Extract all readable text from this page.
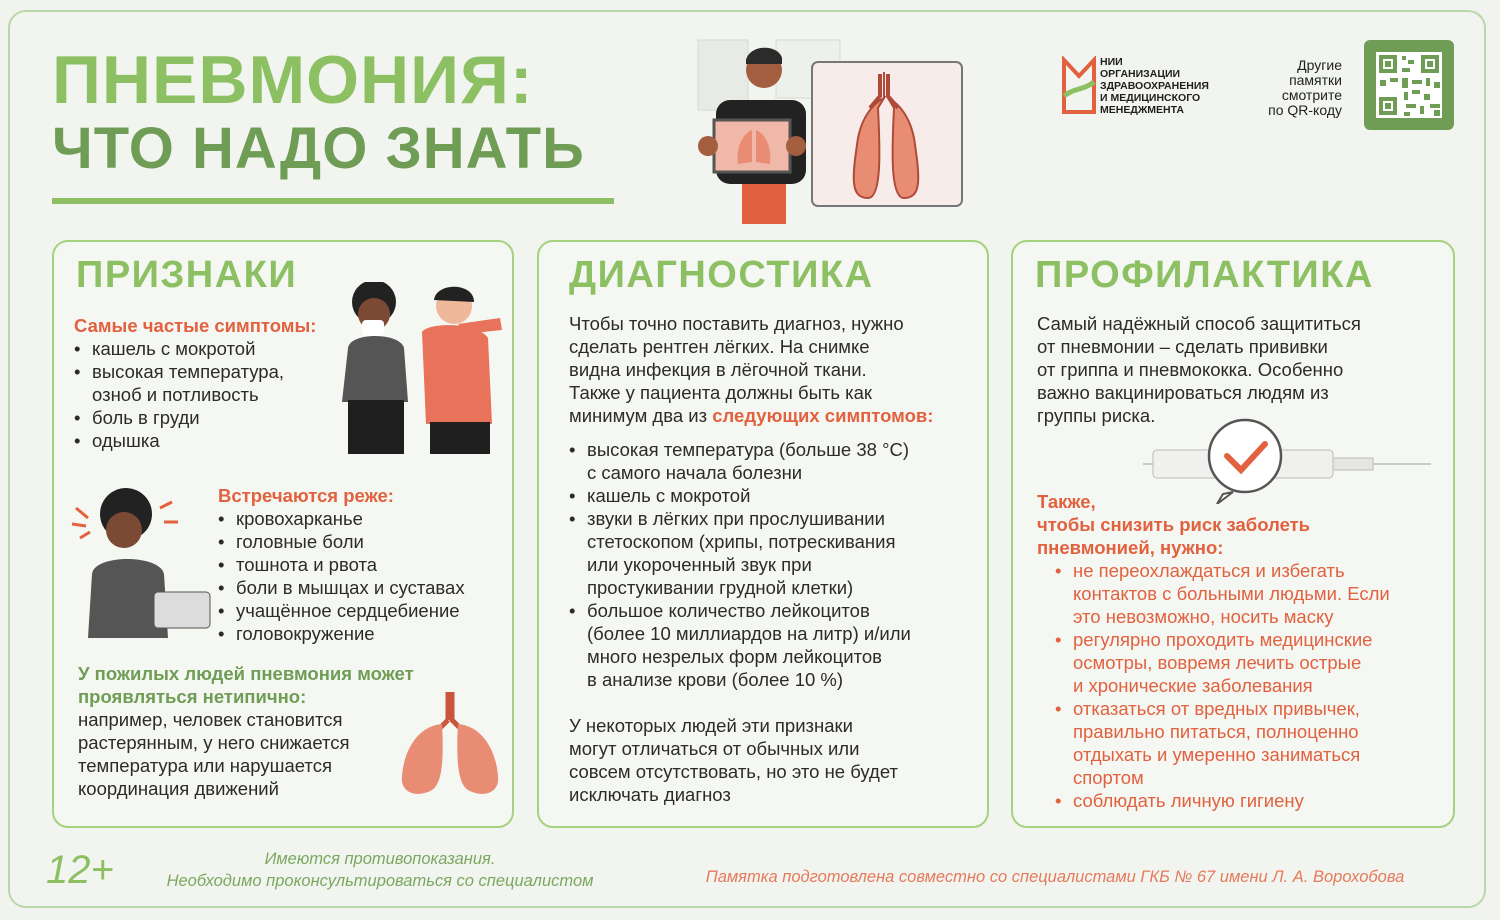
ПНЕВМОНИЯ:
ЧТО НАДО ЗНАТЬ
НИИ
ОРГАНИЗАЦИИ
ЗДРАВООХРАНЕНИЯ
И МЕДИЦИНСКОГО
МЕНЕДЖМЕНТА
Другие
памятки
смотрите
по QR-коду
ПРИЗНАКИ
Самые частые симптомы:
• кашель с мокротой
• высокая температура,
озноб и потливость
• боль в груди
• одышка
Встречаются реже:
• кровохарканье
• головные боли
• тошнота и рвота
• боли в мышцах и суставах
• учащённое сердцебиение
• головокружение
У пожилых людей пневмония может
проявляться нетипично:
например, человек становится
растерянным, у него снижается
температура или нарушается
координация движений
ДИАГНОСТИКА
Чтобы точно поставить диагноз, нужно
сделать рентген лёгких. На снимке
видна инфекция в лёгочной ткани.
Также у пациента должны быть как
минимум два из следующих симптомов:
• высокая температура (больше 38 °С)
с самого начала болезни
• кашель с мокротой
• звуки в лёгких при прослушивании
стетоскопом (хрипы, потрескивания
или укороченный звук при
простукивании грудной клетки)
• большое количество лейкоцитов
(более 10 миллиардов на литр) и/или
много незрелых форм лейкоцитов
в анализе крови (более 10 %)
У некоторых людей эти признаки
могут отличаться от обычных или
совсем отсутствовать, но это не будет
исключать диагноз
ПРОФИЛАКТИКА
Самый надёжный способ защититься
от пневмонии – сделать прививки
от гриппа и пневмококка. Особенно
важно вакцинироваться людям из
группы риска.
Также,
чтобы снизить риск заболеть
пневмонией, нужно:
• не переохлаждаться и избегать
контактов с больными людьми. Если
это невозможно, носить маску
• регулярно проходить медицинские
осмотры, вовремя лечить острые
и хронические заболевания
• отказаться от вредных привычек,
правильно питаться, полноценно
отдыхать и умеренно заниматься
спортом
• соблюдать личную гигиену
12+	Имеются противопоказания.
Необходимо проконсультироваться со специалистом	Памятка подготовлена совместно со специалистами ГКБ № 67 имени Л. А. Ворохобова
